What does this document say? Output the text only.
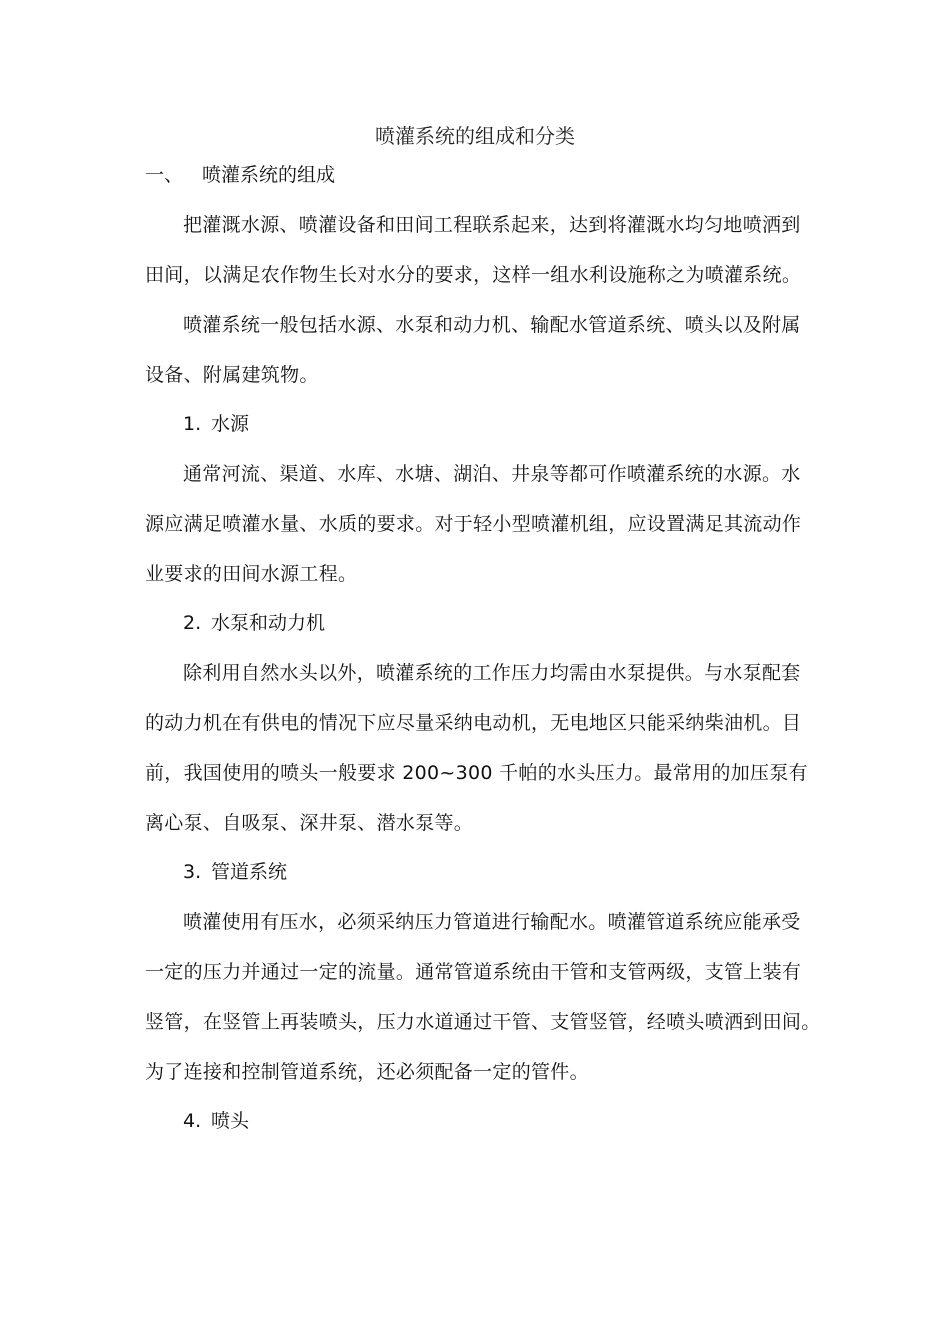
喷灌系统的组成和分类
一、 喷灌系统的组成
把灌溉水源、喷灌设备和田间工程联系起来，达到将灌溉水均匀地喷洒到
田间，以满足农作物生长对水分的要求，这样一组水利设施称之为喷灌系统。
喷灌系统一般包括水源、水泵和动力机、输配水管道系统、喷头以及附属
设备、附属建筑物。
1. 水源
通常河流、渠道、水库、水塘、湖泊、井泉等都可作喷灌系统的水源。水
源应满足喷灌水量、水质的要求。对于轻小型喷灌机组，应设置满足其流动作
业要求的田间水源工程。
2. 水泵和动力机
除利用自然水头以外，喷灌系统的工作压力均需由水泵提供。与水泵配套
的动力机在有供电的情况下应尽量采纳电动机，无电地区只能采纳柴油机。目
前，我国使用的喷头一般要求 200~300 千帕的水头压力。最常用的加压泵有
离心泵、自吸泵、深井泵、潜水泵等。
3. 管道系统
喷灌使用有压水，必须采纳压力管道进行输配水。喷灌管道系统应能承受
一定的压力并通过一定的流量。通常管道系统由干管和支管两级，支管上装有
竖管，在竖管上再装喷头，压力水道通过干管、支管竖管，经喷头喷洒到田间。
为了连接和控制管道系统，还必须配备一定的管件。
4. 喷头
